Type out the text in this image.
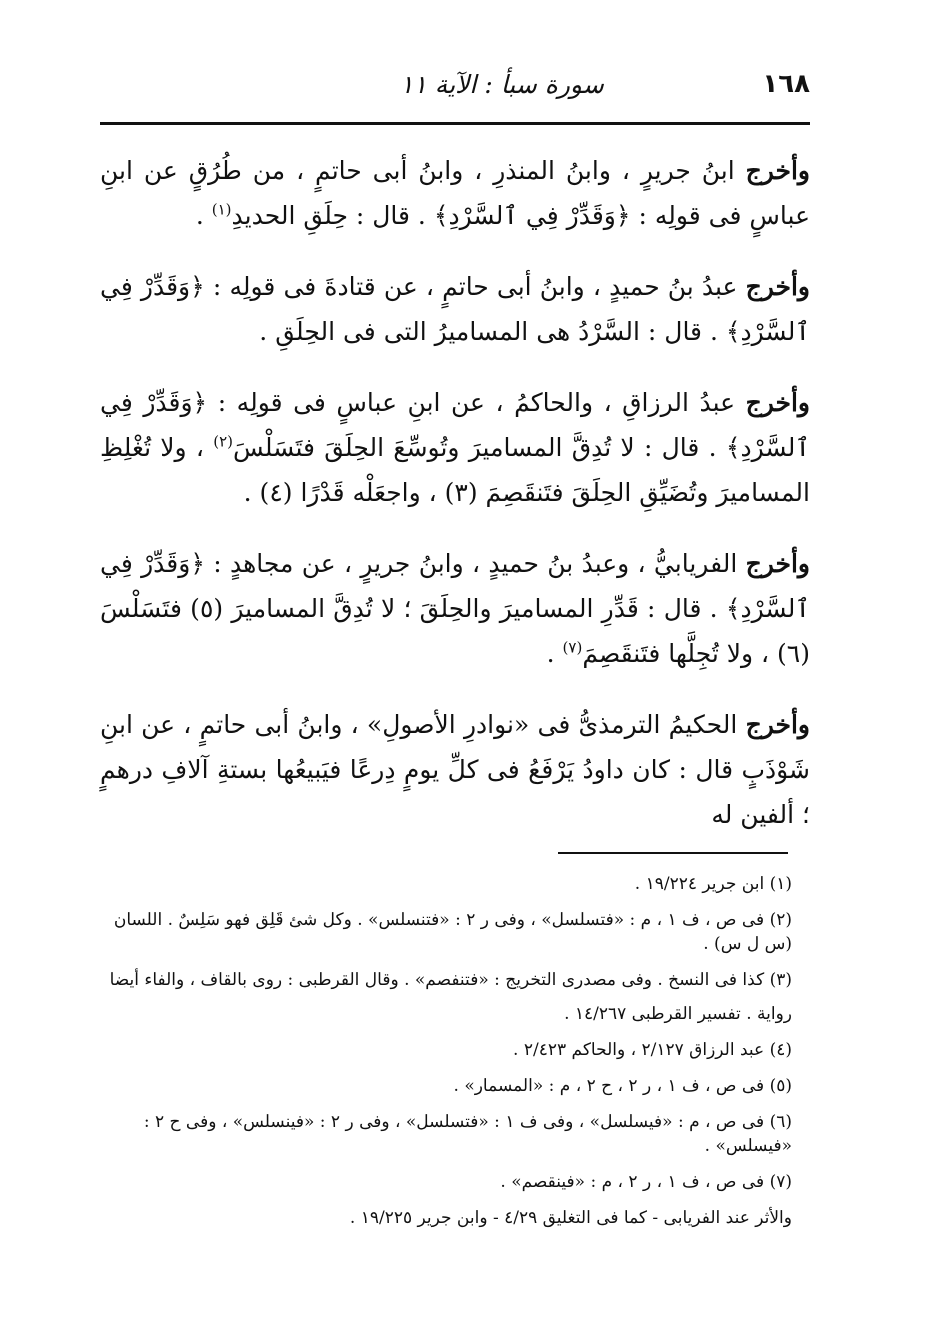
١٦٨
سورة سبأ : الآية ١١

وأخرج ابنُ جريرٍ ، وابنُ المنذرِ ، وابنُ أبى حاتمٍ ، من طُرُقٍ عن ابنِ عباسٍ فى قولِه : ﴿وَقَدِّرْ فِي ٱلسَّرْدِ﴾ . قال : حِلَقِ الحديدِ$^{(١)}$ .

وأخرج عبدُ بنُ حميدٍ ، وابنُ أبى حاتمٍ ، عن قتادةَ فى قولِه : ﴿وَقَدِّرْ فِي ٱلسَّرْدِ﴾ . قال : السَّرْدُ هى المساميرُ التى فى الحِلَقِ .

وأخرج عبدُ الرزاقِ ، والحاكمُ ، عن ابنِ عباسٍ فى قولِه : ﴿وَقَدِّرْ فِي ٱلسَّرْدِ﴾ . قال : لا تُدِقَّ المساميرَ وتُوسِّعَ الحِلَقَ فتَسَلْسَ$^{(٢)}$ ، ولا تُغْلِظِ المساميرَ وتُضَيِّقِ الحِلَقَ فتَنقَصِمَ (٣) ، واجعَلْه قَدْرًا (٤) .

وأخرج الفريابيُّ ، وعبدُ بنُ حميدٍ ، وابنُ جريرٍ ، عن مجاهدٍ : ﴿وَقَدِّرْ فِي ٱلسَّرْدِ﴾ . قال : قَدِّرِ المساميرَ والحِلَقَ ؛ لا تُدِقَّ المساميرَ (٥) فتَسَلْسَ (٦) ، ولا تُجِلَّها فتَنقَصِمَ$^{(٧)}$ .

وأخرج الحكيمُ الترمذىُّ فى «نوادرِ الأصولِ» ، وابنُ أبى حاتمٍ ، عن ابنِ شَوْذَبٍ قال : كان داودُ يَرْفَعُ فى كلِّ يومٍ دِرعًا فيَبيعُها بستةِ آلافِ درهمٍ ؛ ألفين له

(١) ابن جرير ١٩/٢٢٤ .

(٢) فى ص ، ف ١ ، م : «فتسلسل» ، وفى ر ٢ : «فتنسلس» . وكل شئ قَلِق فهو سَلِسٌ . اللسان (س ل س) .

(٣) كذا فى النسخ . وفى مصدرى التخريج : «فتنفصم» . وقال القرطبى : روى بالقاف ، والفاء أيضا

رواية . تفسير القرطبى ١٤/٢٦٧ .

(٤) عبد الرزاق ٢/١٢٧ ، والحاكم ٢/٤٢٣ .

(٥) فى ص ، ف ١ ، ر ٢ ، ح ٢ ، م : «المسمار» .

(٦) فى ص ، م : «فيسلسل» ، وفى ف ١ : «فتسلسل» ، وفى ر ٢ : «فينسلس» ، وفى ح ٢ : «فيسلس» .

(٧) فى ص ، ف ١ ، ر ٢ ، م : «فينقصم» .

والأثر عند الفريابى - كما فى التغليق ٤/٢٩ - وابن جرير ١٩/٢٢٥ .
